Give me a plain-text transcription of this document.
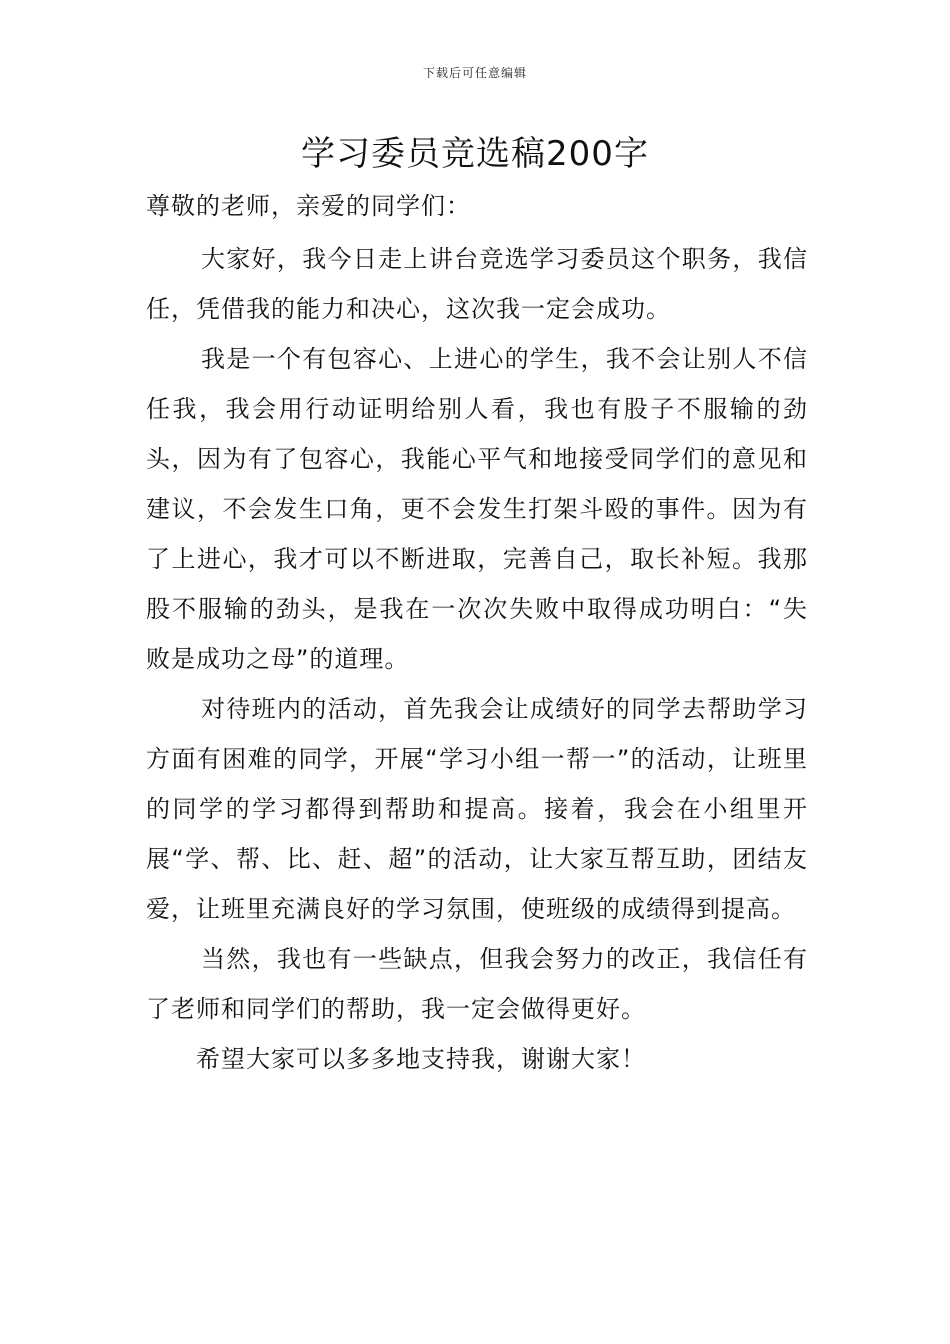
下载后可任意编辑
学习委员竞选稿200字

尊敬的老师，亲爱的同学们：

大家好，我今日走上讲台竞选学习委员这个职务，我信任，凭借我的能力和决心，这次我一定会成功。

我是一个有包容心、上进心的学生，我不会让别人不信任我，我会用行动证明给别人看，我也有股子不服输的劲头，因为有了包容心，我能心平气和地接受同学们的意见和建议，不会发生口角，更不会发生打架斗殴的事件。因为有了上进心，我才可以不断进取，完善自己，取长补短。我那股不服输的劲头，是我在一次次失败中取得成功明白：“失败是成功之母”的道理。

对待班内的活动，首先我会让成绩好的同学去帮助学习方面有困难的同学，开展“学习小组一帮一”的活动，让班里的同学的学习都得到帮助和提高。接着，我会在小组里开展“学、帮、比、赶、超”的活动，让大家互帮互助，团结友爱，让班里充满良好的学习氛围，使班级的成绩得到提高。

当然，我也有一些缺点，但我会努力的改正，我信任有了老师和同学们的帮助，我一定会做得更好。

希望大家可以多多地支持我，谢谢大家！
